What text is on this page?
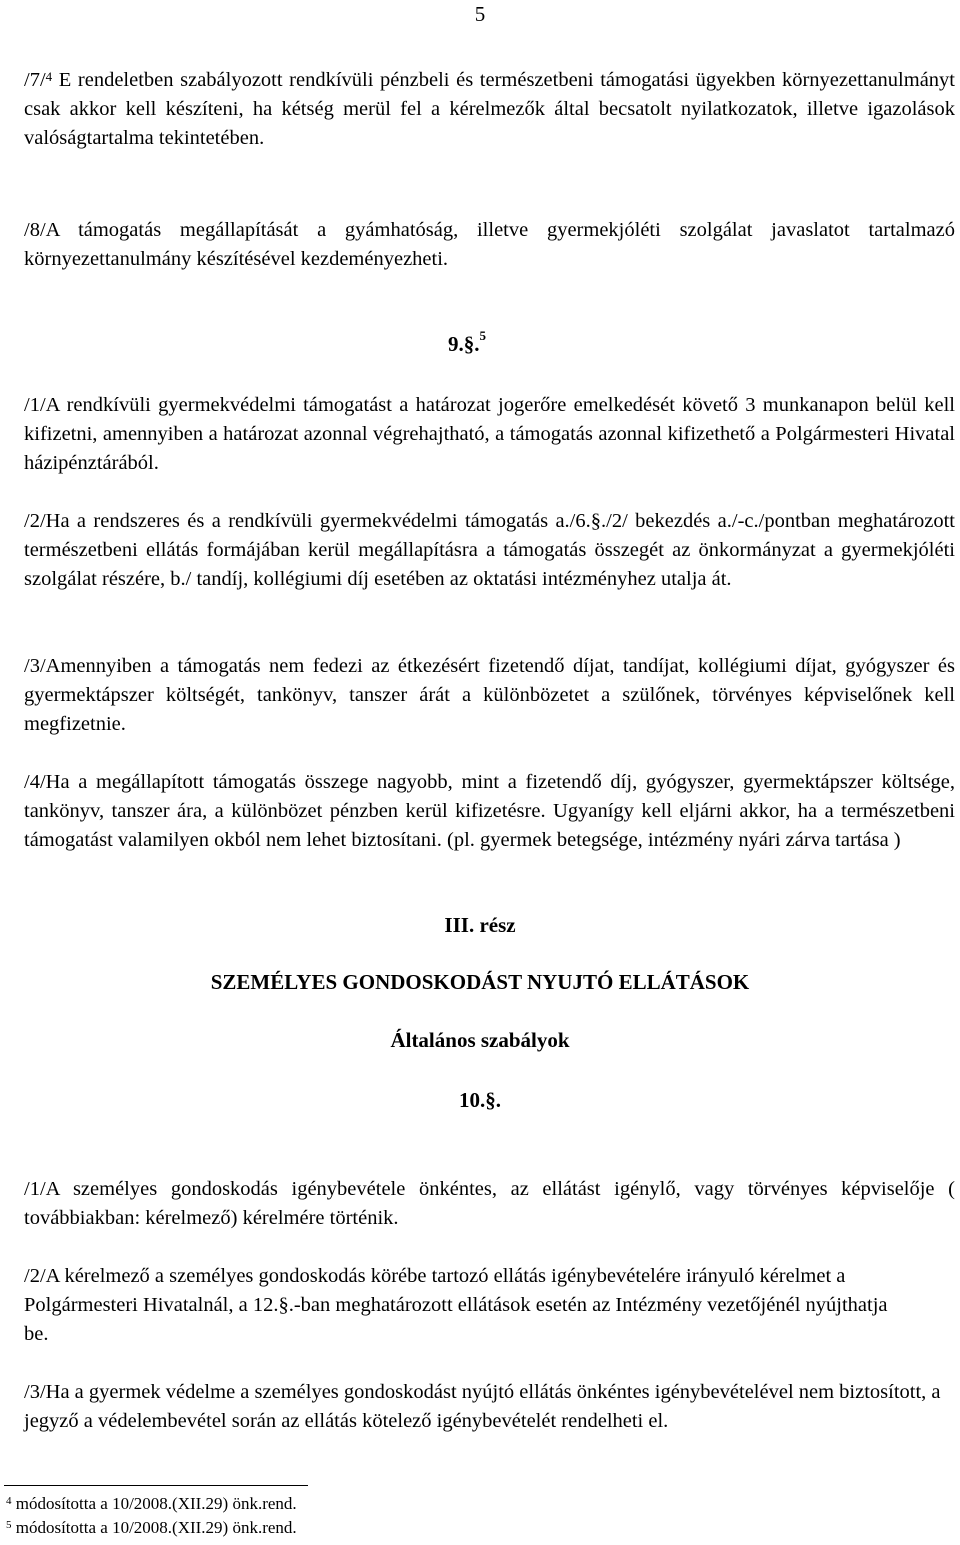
5

/7/$^4$ E rendeletben szabályozott rendkívüli pénzbeli és természetbeni támogatási ügyekben környezettanulmányt csak akkor kell készíteni, ha kétség merül fel a kérelmezők által becsatolt nyilatkozatok, illetve igazolások valóságtartalma tekintetében.

/8/A támogatás megállapítását a gyámhatóság, illetve gyermekjóléti szolgálat javaslatot tartalmazó környezettanulmány készítésével kezdeményezheti.

9.§.$^5$

/1/A rendkívüli gyermekvédelmi támogatást a határozat jogerőre emelkedését követő 3 munkanapon belül kell kifizetni, amennyiben a határozat azonnal végrehajtható, a támogatás azonnal kifizethető a Polgármesteri Hivatal házipénztárából.

/2/Ha a rendszeres és a rendkívüli gyermekvédelmi támogatás a./6.§./2/ bekezdés a./-c./pontban meghatározott természetbeni ellátás formájában kerül megállapításra a támogatás összegét az önkormányzat a gyermekjóléti szolgálat részére, b./ tandíj, kollégiumi díj esetében az oktatási intézményhez utalja át.

/3/Amennyiben a támogatás nem fedezi az étkezésért fizetendő díjat, tandíjat, kollégiumi díjat, gyógyszer és gyermektápszer költségét, tankönyv, tanszer árát a különbözetet a szülőnek, törvényes képviselőnek kell megfizetnie.

/4/Ha a megállapított támogatás összege nagyobb, mint a fizetendő díj, gyógyszer, gyermektápszer költsége, tankönyv, tanszer ára, a különbözet pénzben kerül kifizetésre. Ugyanígy kell eljárni akkor, ha a természetbeni támogatást valamilyen okból nem lehet biztosítani. (pl. gyermek betegsége, intézmény nyári zárva tartása )

III. rész

SZEMÉLYES GONDOSKODÁST NYUJTÓ ELLÁTÁSOK

Általános szabályok

10.§.

/1/A személyes gondoskodás igénybevétele önkéntes, az ellátást igénylő, vagy törvényes képviselője ( továbbiakban: kérelmező) kérelmére történik.

/2/A kérelmező a személyes gondoskodás körébe tartozó ellátás igénybevételére irányuló kérelmet a Polgármesteri Hivatalnál, a 12.§.-ban meghatározott ellátások esetén az Intézmény vezetőjénél nyújthatja be.

/3/Ha a gyermek védelme a személyes gondoskodást nyújtó ellátás önkéntes igénybevételével nem biztosított, a jegyző a védelembevétel során az ellátás kötelező igénybevételét rendelheti el.

$^4$ módosította a 10/2008.(XII.29) önk.rend.

$^5$ módosította a 10/2008.(XII.29) önk.rend.
